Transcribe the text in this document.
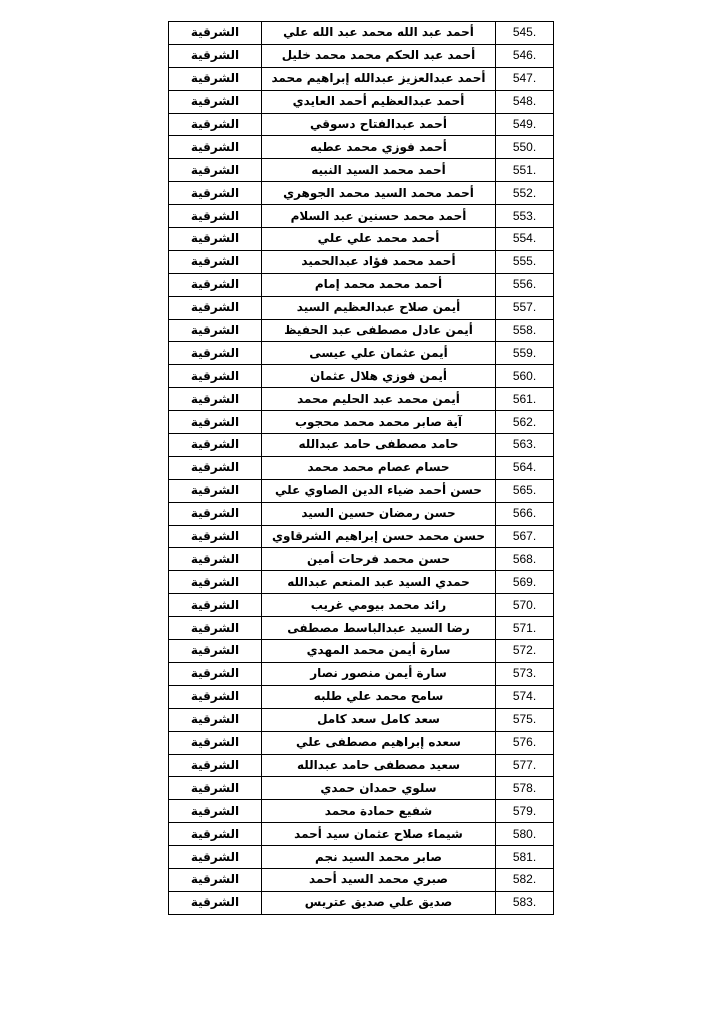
545.	أحمد عبد الله محمد عبد الله علي	الشرقية
546.	أحمد عبد الحكم محمد محمد خليل	الشرقية
547.	أحمد عبدالعزيز عبدالله إبراهيم محمد	الشرقية
548.	أحمد عبدالعظيم أحمد العايدي	الشرقية
549.	أحمد عبدالفتاح دسوقي	الشرقية
550.	أحمد فوزي محمد عطيه	الشرقية
551.	أحمد محمد السيد النبيه	الشرقية
552.	أحمد محمد السيد محمد الجوهري	الشرقية
553.	أحمد محمد حسنين عبد السلام	الشرقية
554.	أحمد محمد علي علي	الشرقية
555.	أحمد محمد فؤاد عبدالحميد	الشرقية
556.	أحمد محمد محمد إمام	الشرقية
557.	أيمن صلاح عبدالعظيم السيد	الشرقية
558.	أيمن عادل مصطفى عبد الحفيظ	الشرقية
559.	أيمن عثمان علي عيسى	الشرقية
560.	أيمن فوزي هلال عثمان	الشرقية
561.	أيمن محمد عبد الحليم محمد	الشرقية
562.	آية صابر محمد محمد محجوب	الشرقية
563.	حامد مصطفى حامد عبدالله	الشرقية
564.	حسام عصام محمد محمد	الشرقية
565.	حسن أحمد ضياء الدين الصاوي علي	الشرقية
566.	حسن رمضان حسين السيد	الشرقية
567.	حسن محمد حسن إبراهيم الشرقاوي	الشرقية
568.	حسن محمد فرحات أمين	الشرقية
569.	حمدي السيد عبد المنعم عبدالله	الشرقية
570.	رائد محمد بيومي غريب	الشرقية
571.	رضا السيد عبدالباسط مصطفى	الشرقية
572.	سارة أيمن محمد المهدي	الشرقية
573.	سارة أيمن منصور نصار	الشرقية
574.	سامح محمد علي طلبه	الشرقية
575.	سعد كامل سعد كامل	الشرقية
576.	سعده إبراهيم مصطفى علي	الشرقية
577.	سعيد مصطفى حامد عبدالله	الشرقية
578.	سلوي حمدان حمدي	الشرقية
579.	شفيع حمادة محمد	الشرقية
580.	شيماء صلاح عثمان سيد أحمد	الشرقية
581.	صابر محمد السيد نجم	الشرقية
582.	صبري محمد السيد أحمد	الشرقية
583.	صديق علي صديق عتريس	الشرقية
